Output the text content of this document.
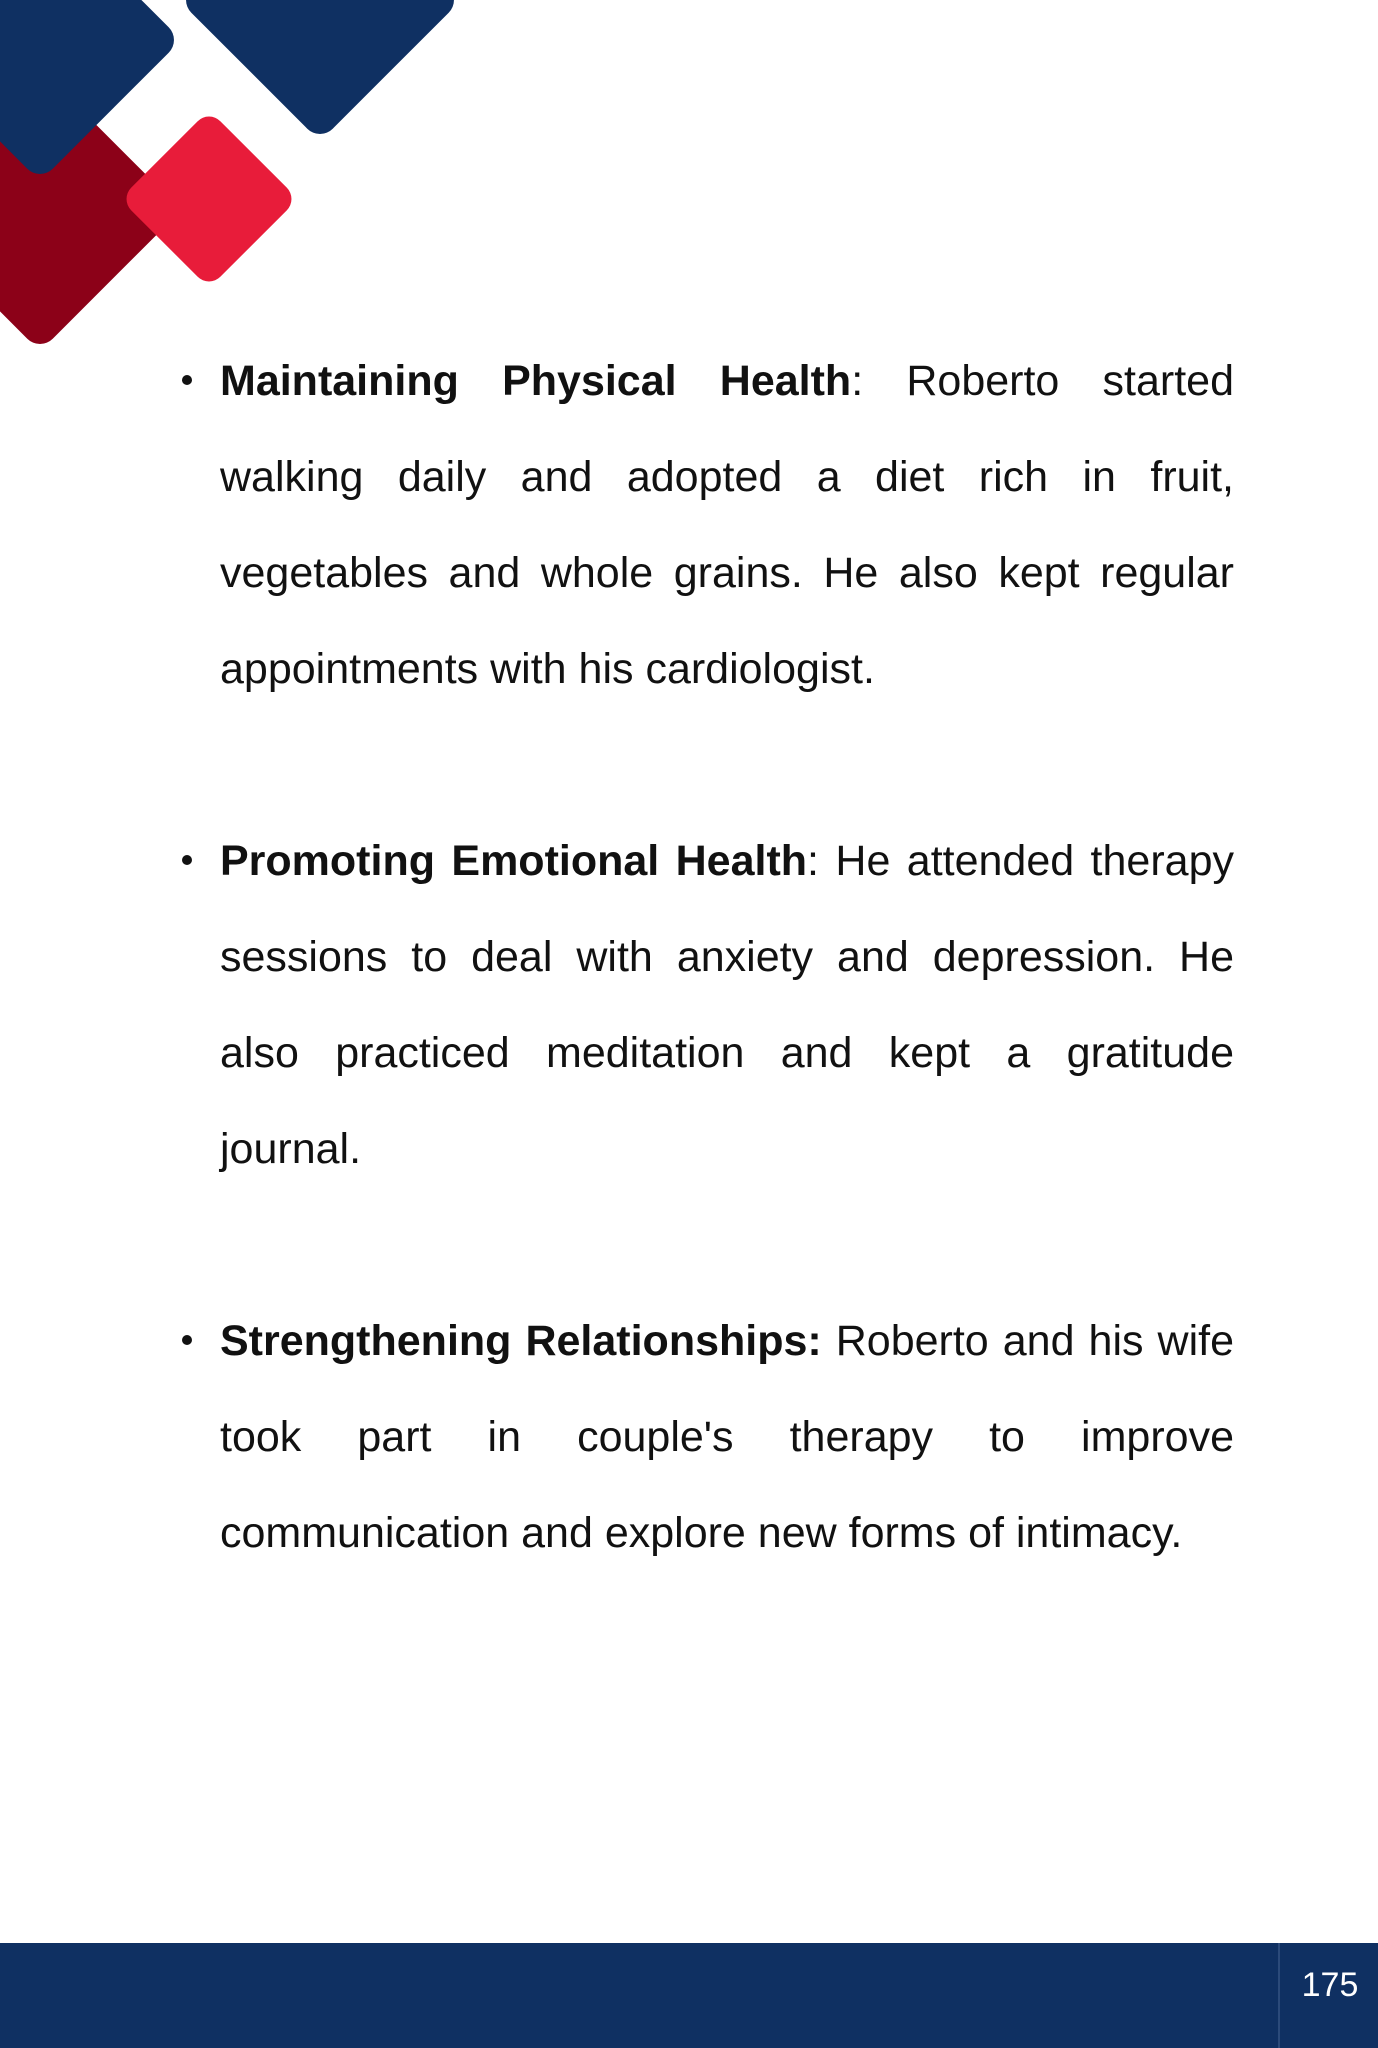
Maintaining Physical Health: Roberto started walking daily and adopted a diet rich in fruit, vegetables and whole grains. He also kept regular appointments with his cardiologist.
Promoting Emotional Health: He attended therapy sessions to deal with anxiety and depression. He also practiced meditation and kept a gratitude journal.
Strengthening Relationships: Roberto and his wife took part in couple's therapy to improve communication and explore new forms of intimacy.
175
